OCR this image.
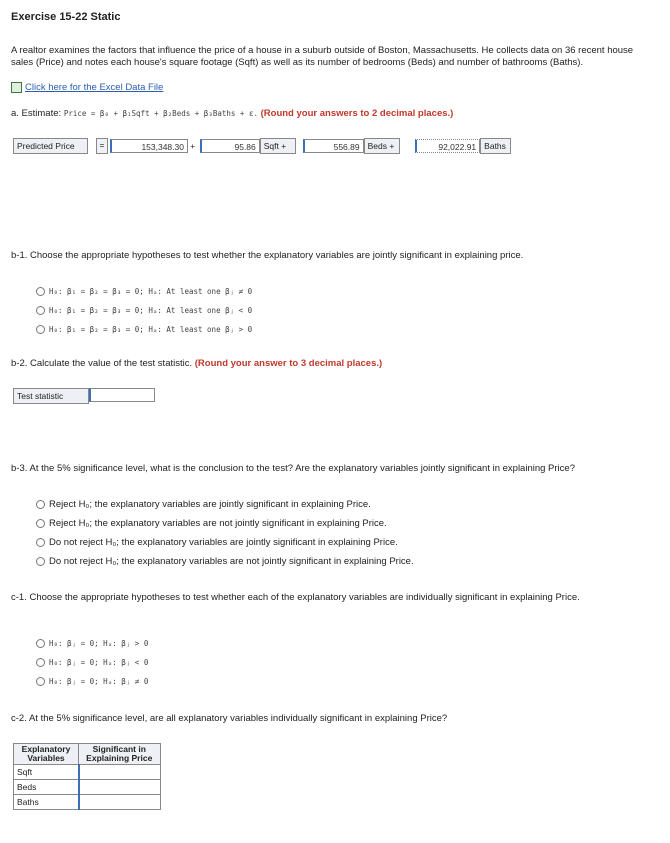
Exercise 15-22 Static

A realtor examines the factors that influence the price of a house in a suburb outside of Boston, Massachusetts. He collects data on 36 recent house sales (Price) and notes each house's square footage (Sqft) as well as its number of bedrooms (Beds) and number of bathrooms (Baths).

Click here for the Excel Data File
a. Estimate: Price = β₀ + β₁Sqft + β₂Beds + β₃Baths + ε. (Round your answers to 2 decimal places.)
Predicted Price	=	153,348.30 +	95.86 Sqft +	556.89 Beds +	92,022.91 Baths

b-1. Choose the appropriate hypotheses to test whether the explanatory variables are jointly significant in explaining price.

H₀: β₁ = β₂ = β₃ = 0; Hₐ: At least one βⱼ ≠ 0
H₀: β₁ = β₂ = β₃ = 0; Hₐ: At least one βⱼ < 0
H₀: β₁ = β₂ = β₃ = 0; Hₐ: At least one βⱼ > 0
b-2. Calculate the value of the test statistic. (Round your answer to 3 decimal places.)
Test statistic

b-3. At the 5% significance level, what is the conclusion to the test? Are the explanatory variables jointly significant in explaining Price?

Reject H₀; the explanatory variables are jointly significant in explaining Price.
Reject H₀; the explanatory variables are not jointly significant in explaining Price.
Do not reject H₀; the explanatory variables are jointly significant in explaining Price.
Do not reject H₀; the explanatory variables are not jointly significant in explaining Price.

c-1. Choose the appropriate hypotheses to test whether each of the explanatory variables are individually significant in explaining Price.

H₀: βⱼ = 0; Hₐ: βⱼ > 0
H₀: βⱼ = 0; Hₐ: βⱼ < 0
H₀: βⱼ = 0; Hₐ: βⱼ ≠ 0

c-2. At the 5% significance level, are all explanatory variables individually significant in explaining Price?

Explanatory Variables	Significant in Explaining Price
Sqft	
Beds	
Baths	
